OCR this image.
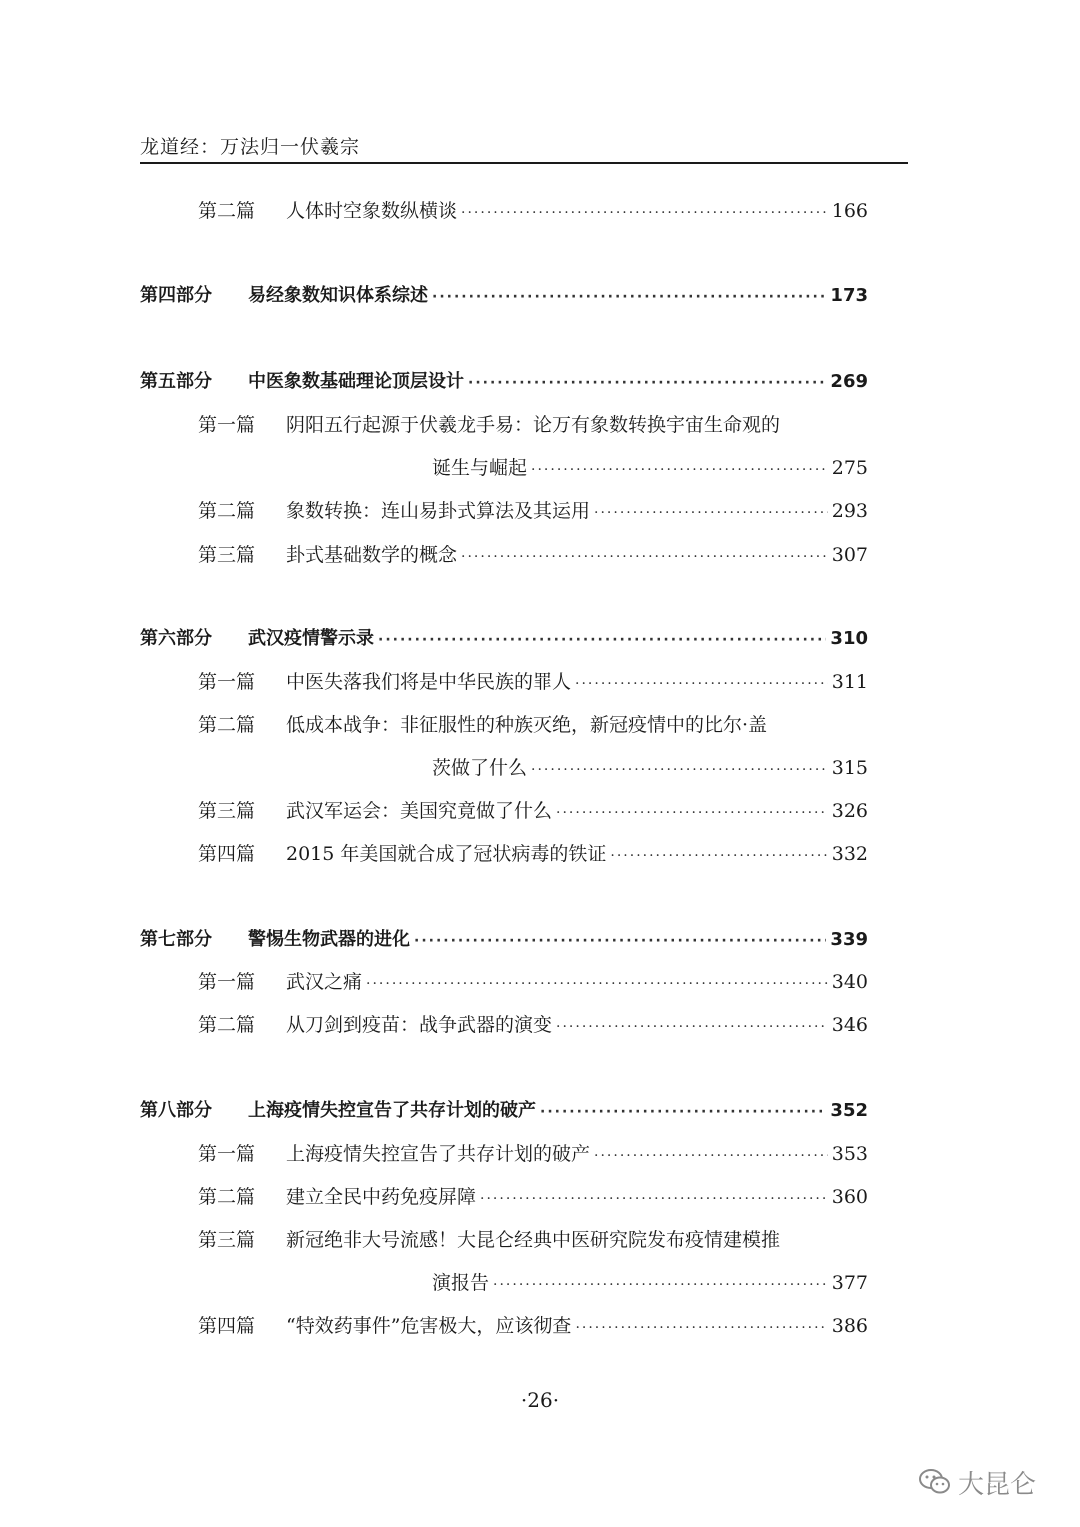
龙道经：万法归一伏羲宗
第二篇	人体时空象数纵横谈 ·····	166
第四部分	易经象数知识体系综述 ·····	173
第五部分	中医象数基础理论顶层设计 ·····	269
第一篇	阴阳五行起源于伏羲龙手易：论万有象数转换宇宙生命观的
诞生与崛起 ·····	275
第二篇	象数转换：连山易卦式算法及其运用 ·····	293
第三篇	卦式基础数学的概念 ·····	307
第六部分	武汉疫情警示录 ·····	310
第一篇	中医失落我们将是中华民族的罪人 ·····	311
第二篇	低成本战争：非征服性的种族灭绝，新冠疫情中的比尔·盖
茨做了什么 ·····	315
第三篇	武汉军运会：美国究竟做了什么 ·····	326
第四篇	2015 年美国就合成了冠状病毒的铁证 ·····	332
第七部分	警惕生物武器的进化 ·····	339
第一篇	武汉之痛 ·····	340
第二篇	从刀剑到疫苗：战争武器的演变 ·····	346
第八部分	上海疫情失控宣告了共存计划的破产 ·····	352
第一篇	上海疫情失控宣告了共存计划的破产 ·····	353
第二篇	建立全民中药免疫屏障 ·····	360
第三篇	新冠绝非大号流感！大昆仑经典中医研究院发布疫情建模推
演报告 ·····	377
第四篇	“特效药事件”危害极大，应该彻查 ·····	386
·26·
大昆仑
